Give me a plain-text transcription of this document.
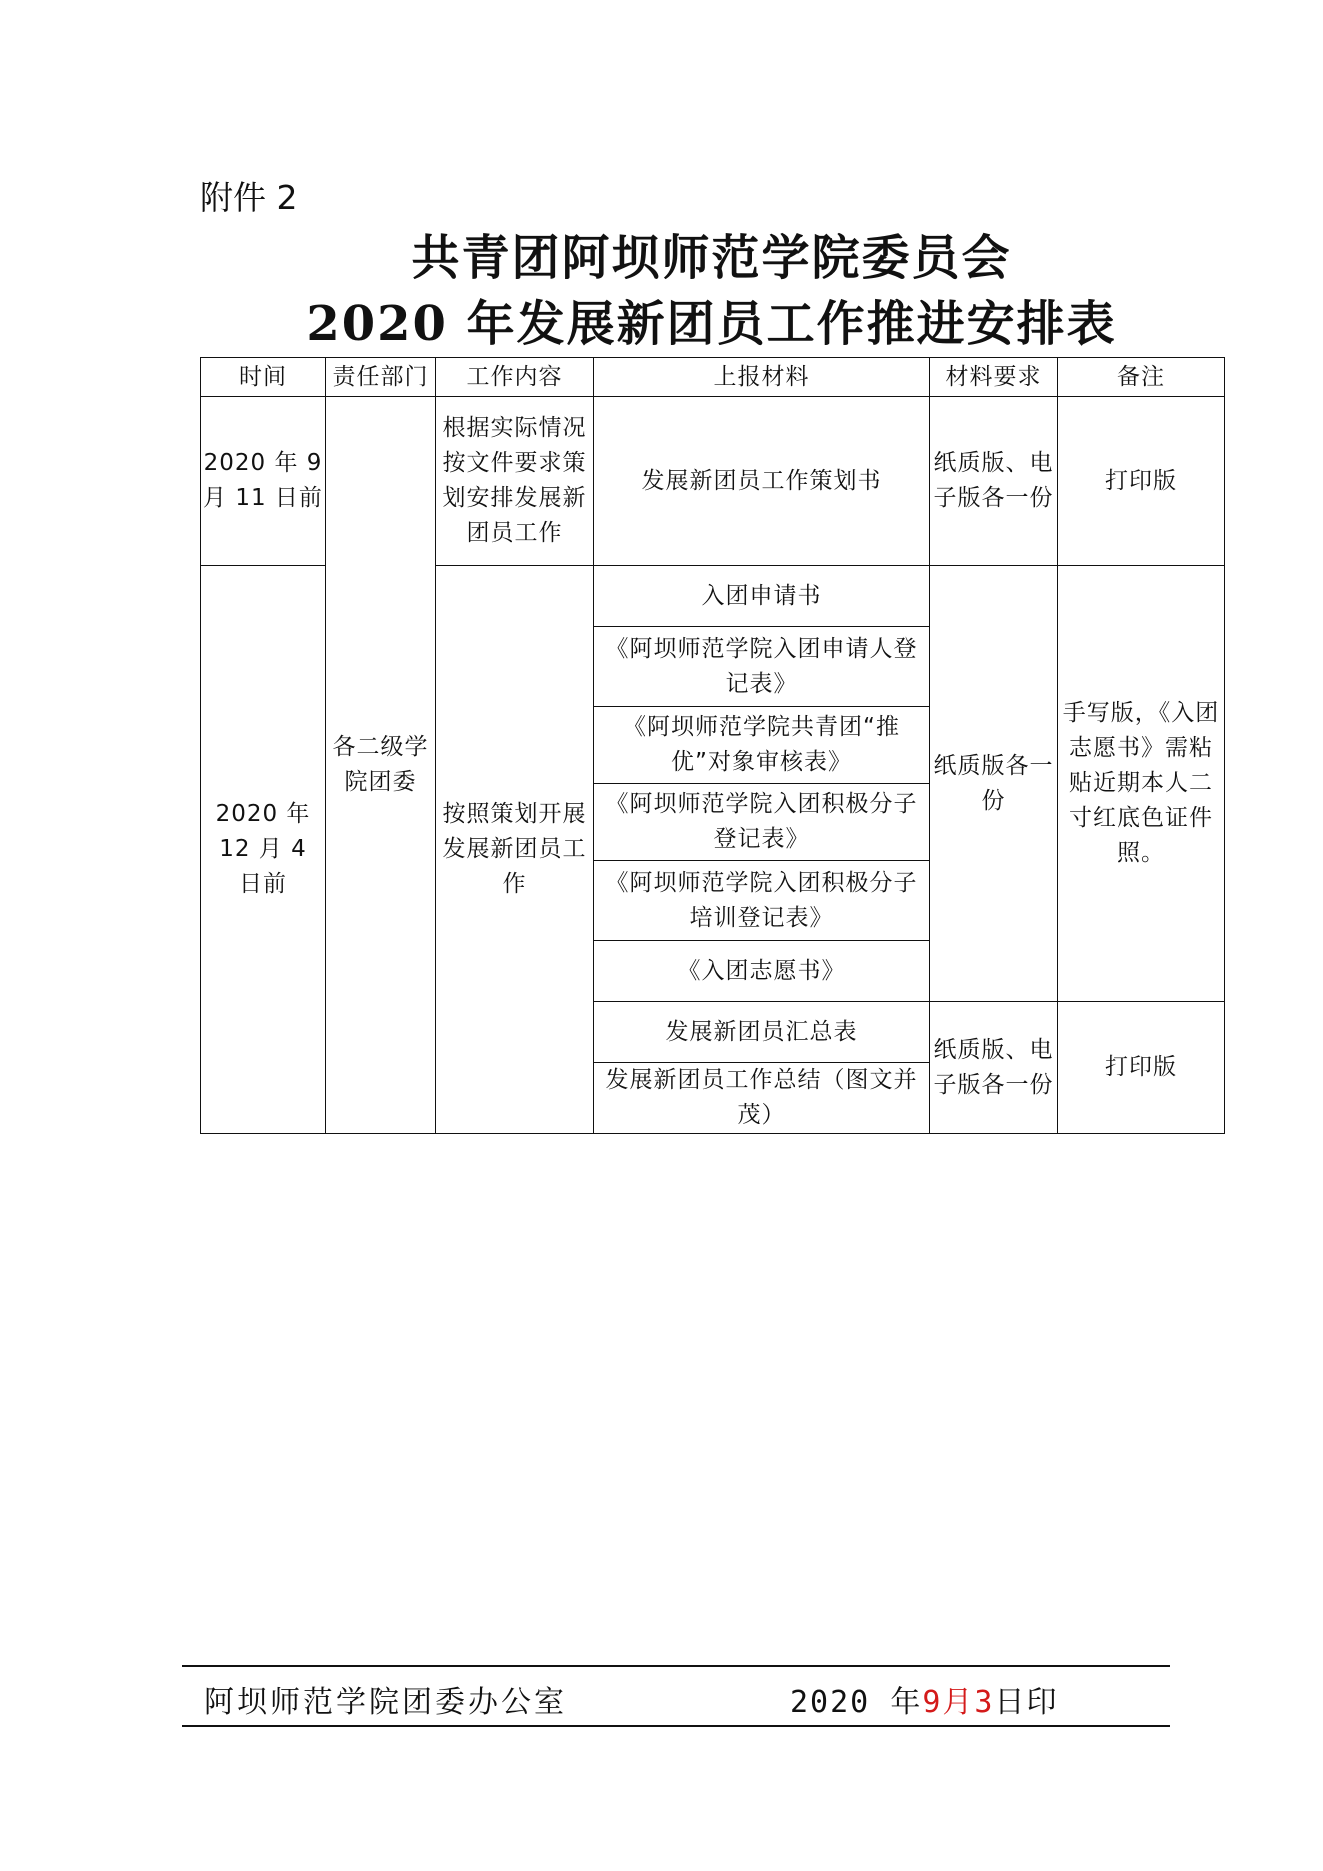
附件 2
共青团阿坝师范学院委员会
2020 年发展新团员工作推进安排表
时间	责任部门	工作内容	上报材料	材料要求	备注
2020 年 9 月 11 日前	各二级学院团委	根据实际情况按文件要求策划安排发展新团员工作	发展新团员工作策划书	纸质版、电子版各一份	打印版
2020 年 12 月 4 日前		按照策划开展发展新团员工作	入团申请书	纸质版各一份	手写版，《入团志愿书》需粘贴近期本人二寸红底色证件照。
			《阿坝师范学院入团申请人登记表》		
			《阿坝师范学院共青团“推优”对象审核表》		
			《阿坝师范学院入团积极分子登记表》		
			《阿坝师范学院入团积极分子培训登记表》		
			《入团志愿书》		
			发展新团员汇总表	纸质版、电子版各一份	打印版
			发展新团员工作总结（图文并茂）		
阿坝师范学院团委办公室	2020 年9月3日印
